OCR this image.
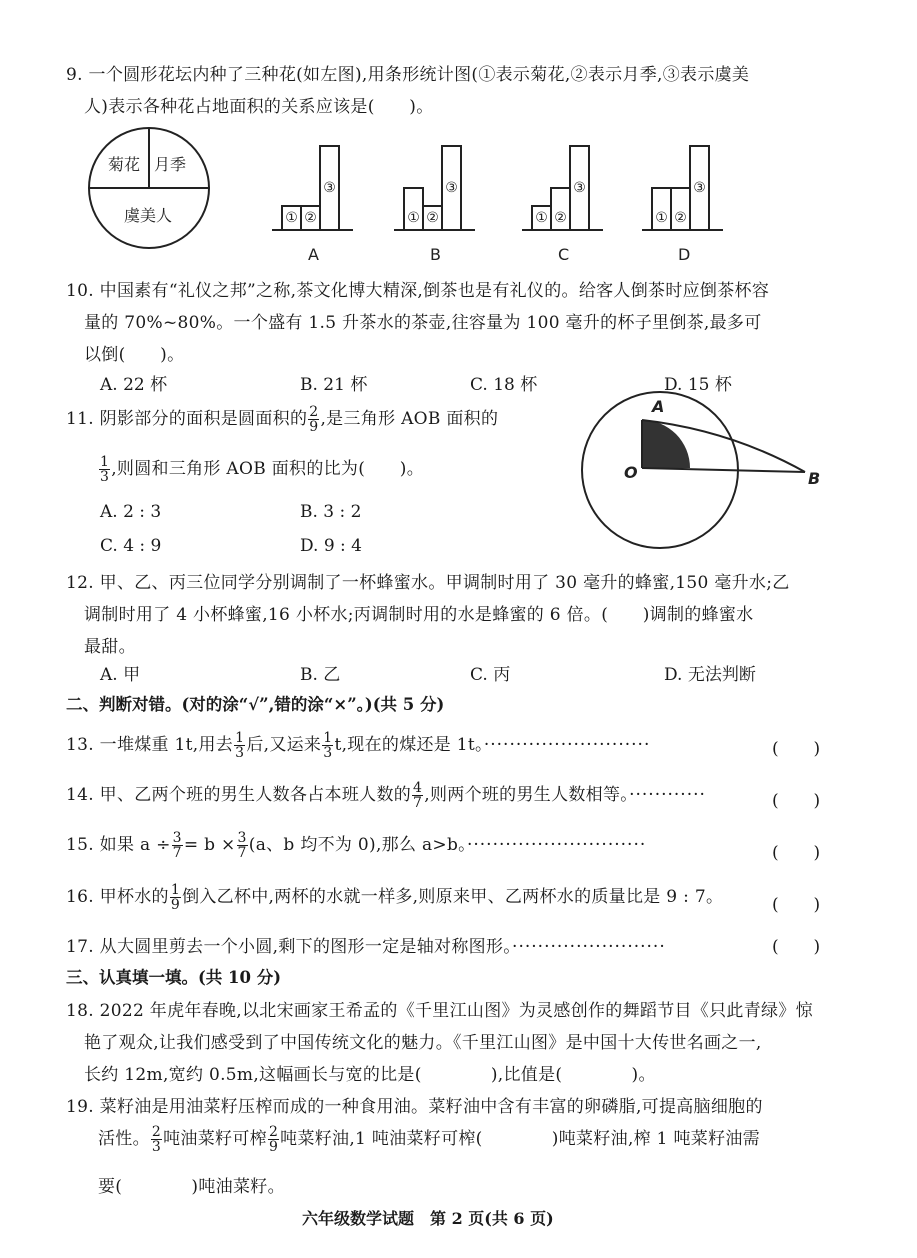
9. 一个圆形花坛内种了三种花(如左图),用条形统计图(①表示菊花,②表示月季,③表示虞美
人)表示各种花占地面积的关系应该是(　　)。
菊花 月季
虞美人	① ②
③
A
① ②
③
B
① ②
③
C
① ②
③
D
10. 中国素有“礼仪之邦”之称,茶文化博大精深,倒茶也是有礼仪的。给客人倒茶时应倒茶杯容
量的 70%~80%。一个盛有 1.5 升茶水的茶壶,往容量为 100 毫升的杯子里倒茶,最多可
以倒(　　)。
A. 22 杯	B. 21 杯	C. 18 杯	D. 15 杯
11. 阴影部分的面积是圆面积的 $\frac{2}{9}$ ,是三角形 AOB 面积的
$\frac{1}{3}$ ,则圆和三角形 AOB 面积的比为(　　)。
A. 2 : 3	B. 3 : 2
C. 4 : 9	D. 9 : 4
A
O	B
12. 甲、乙、丙三位同学分别调制了一杯蜂蜜水。甲调制时用了 30 毫升的蜂蜜,150 毫升水;乙
调制时用了 4 小杯蜂蜜,16 小杯水;丙调制时用的水是蜂蜜的 6 倍。(　　)调制的蜂蜜水
最甜。
A. 甲	B. 乙	C. 丙	D. 无法判断
二、判断对错。(对的涂“√”,错的涂“×”。)(共 5 分)
13. 一堆煤重 1t,用去 $\frac{1}{3}$ 后,又运来 $\frac{1}{3} t$,现在的煤还是 1t。··························	(　　)
14. 甲、乙两个班的男生人数各占本班人数的 $\frac{4}{7}$ ,则两个班的男生人数相等。············	(　　)
15. 如果 $a \div \frac{3}{7} = b \times \frac{3}{7} (a$、b 均不为 0),那么 a>b。····························	(　　)
16. 甲杯水的 $\frac{1}{9}$ 倒入乙杯中,两杯的水就一样多,则原来甲、乙两杯水的质量比是 9 : 7。	(　　)
17. 从大圆里剪去一个小圆,剩下的图形一定是轴对称图形。························	(　　)
三、认真填一填。(共 10 分)
18. 2022 年虎年春晚,以北宋画家王希孟的《千里江山图》为灵感创作的舞蹈节目《只此青绿》惊
艳了观众,让我们感受到了中国传统文化的魅力。《千里江山图》是中国十大传世名画之一,
长约 12m,宽约 0.5m,这幅画长与宽的比是(　　　　),比值是(　　　　)。
19. 菜籽油是用油菜籽压榨而成的一种食用油。菜籽油中含有丰富的卵磷脂,可提高脑细胞的
活性。 $\frac{2}{3}$ 吨油菜籽可榨 $\frac{2}{9}$ 吨菜籽油,1 吨油菜籽可榨(　　　　)吨菜籽油,榨 1 吨菜籽油需
要(　　　　)吨油菜籽。
六年级数学试题　第 2 页(共 6 页)
